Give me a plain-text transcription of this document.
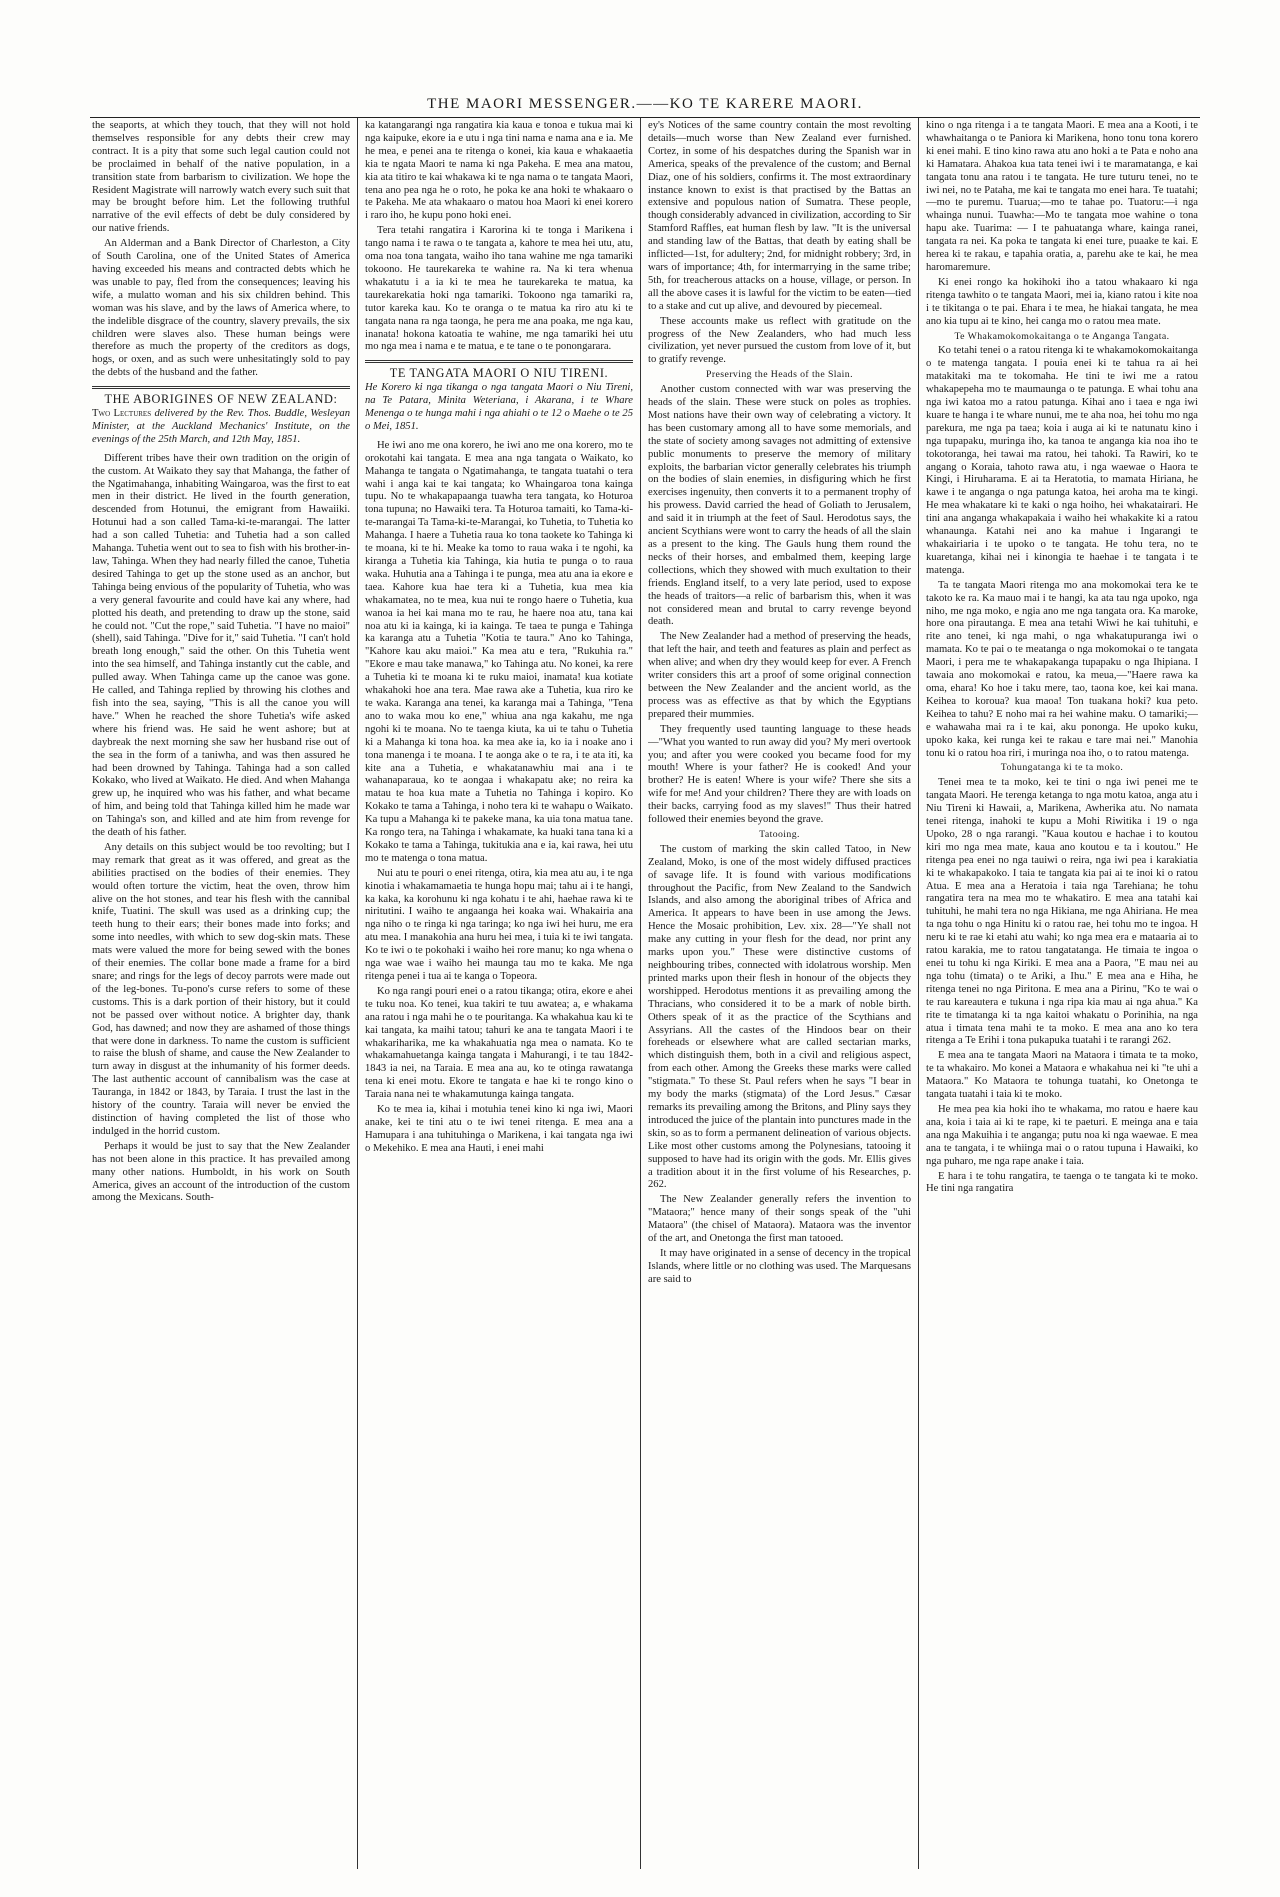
THE MAORI MESSENGER.——KO TE KARERE MAORI.

the seaports, at which they touch, that they will not hold themselves responsible for any debts their crew may contract. It is a pity that some such legal caution could not be proclaimed in behalf of the native population, in a transition state from barbarism to civilization. We hope the Resident Magistrate will narrowly watch every such suit that may be brought before him. Let the following truthful narrative of the evil effects of debt be duly considered by our native friends.

An Alderman and a Bank Director of Charleston, a City of South Carolina, one of the United States of America having exceeded his means and contracted debts which he was unable to pay, fled from the consequences; leaving his wife, a mulatto woman and his six children behind. This woman was his slave, and by the laws of America where, to the indelible disgrace of the country, slavery prevails, the six children were slaves also. These human beings were therefore as much the property of the creditors as dogs, hogs, or oxen, and as such were unhesitatingly sold to pay the debts of the husband and the father.

THE ABORIGINES OF NEW ZEALAND:

Two Lectures delivered by the Rev. Thos. Buddle, Wesleyan Minister, at the Auckland Mechanics' Institute, on the evenings of the 25th March, and 12th May, 1851.

Different tribes have their own tradition on the origin of the custom. At Waikato they say that Mahanga, the father of the Ngatimahanga, inhabiting Waingaroa, was the first to eat men in their district. He lived in the fourth generation, descended from Hotunui, the emigrant from Hawaiiki. Hotunui had a son called Tama-ki-te-marangai. The latter had a son called Tuhetia: and Tuhetia had a son called Mahanga. Tuhetia went out to sea to fish with his brother-in-law, Tahinga. When they had nearly filled the canoe, Tuhetia desired Tahinga to get up the stone used as an anchor, but Tahinga being envious of the popularity of Tuhetia, who was a very general favourite and could have kai any where, had plotted his death, and pretending to draw up the stone, said he could not. "Cut the rope," said Tuhetia. "I have no maioi" (shell), said Tahinga. "Dive for it," said Tuhetia. "I can't hold breath long enough," said the other. On this Tuhetia went into the sea himself, and Tahinga instantly cut the cable, and pulled away. When Tahinga came up the canoe was gone. He called, and Tahinga replied by throwing his clothes and fish into the sea, saying, "This is all the canoe you will have." When he reached the shore Tuhetia's wife asked where his friend was. He said he went ashore; but at daybreak the next morning she saw her husband rise out of the sea in the form of a taniwha, and was then assured he had been drowned by Tahinga. Tahinga had a son called Kokako, who lived at Waikato. He died. And when Mahanga grew up, he inquired who was his father, and what became of him, and being told that Tahinga killed him he made war on Tahinga's son, and killed and ate him from revenge for the death of his father.

Any details on this subject would be too revolting; but I may remark that great as it was offered, and great as the abilities practised on the bodies of their enemies. They would often torture the victim, heat the oven, throw him alive on the hot stones, and tear his flesh with the cannibal knife, Tuatini. The skull was used as a drinking cup; the teeth hung to their ears; their bones made into forks; and some into needles, with which to sew dog-skin mats. These mats were valued the more for being sewed with the bones of their enemies. The collar bone made a frame for a bird snare; and rings for the legs of decoy parrots were made out of the leg-bones. Tu-pono's curse refers to some of these customs. This is a dark portion of their history, but it could not be passed over without notice. A brighter day, thank God, has dawned; and now they are ashamed of those things that were done in darkness. To name the custom is sufficient to raise the blush of shame, and cause the New Zealander to turn away in disgust at the inhumanity of his former deeds. The last authentic account of cannibalism was the case at Tauranga, in 1842 or 1843, by Taraia. I trust the last in the history of the country. Taraia will never be envied the distinction of having completed the list of those who indulged in the horrid custom.

Perhaps it would be just to say that the New Zealander has not been alone in this practice. It has prevailed among many other nations. Humboldt, in his work on South America, gives an account of the introduction of the custom among the Mexicans. South-

ka katangarangi nga rangatira kia kaua e tonoa e tukua mai ki nga kaipuke, ekore ia e utu i nga tini nama e nama ana e ia. Me he mea, e penei ana te ritenga o konei, kia kaua e whakaaetia kia te ngata Maori te nama ki nga Pakeha. E mea ana matou, kia ata titiro te kai whakawa ki te nga nama o te tangata Maori, tena ano pea nga he o roto, he poka ke ana hoki te whakaaro o te Pakeha. Me ata whakaaro o matou hoa Maori ki enei korero i raro iho, he kupu pono hoki enei.

Tera tetahi rangatira i Karorina ki te tonga i Marikena i tango nama i te rawa o te tangata a, kahore te mea hei utu, atu, oma noa tona tangata, waiho iho tana wahine me nga tamariki tokoono. He taurekareka te wahine ra. Na ki tera whenua whakatutu i a ia ki te mea he taurekareka te matua, ka taurekarekatia hoki nga tamariki. Tokoono nga tamariki ra, tutor kareka kau. Ko te oranga o te matua ka riro atu ki te tangata nana ra nga taonga, he pera me ana poaka, me nga kau, inanata! hokona katoatia te wahine, me nga tamariki hei utu mo nga mea i nama e te matua, e te tane o te ponongarara.

TE TANGATA MAORI O NIU TIRENI.

He Korero ki nga tikanga o nga tangata Maori o Niu Tireni, na Te Patara, Minita Weteriana, i Akarana, i te Whare Menenga o te hunga mahi i nga ahiahi o te 12 o Maehe o te 25 o Mei, 1851.

He iwi ano me ona korero, he iwi ano me ona korero, mo te orokotahi kai tangata. E mea ana nga tangata o Waikato, ko Mahanga te tangata o Ngatimahanga, te tangata tuatahi o tera wahi i anga kai te kai tangata; ko Whaingaroa tona kainga tupu. No te whakapapaanga tuawha tera tangata, ko Hoturoa tona tupuna; no Hawaiki tera. Ta Hoturoa tamaiti, ko Tama-ki-te-marangai Ta Tama-ki-te-Marangai, ko Tuhetia, to Tuhetia ko Mahanga. I haere a Tuhetia raua ko tona taokete ko Tahinga ki te moana, ki te hi. Meake ka tomo to raua waka i te ngohi, ka kiranga a Tuhetia kia Tahinga, kia hutia te punga o to raua waka. Huhutia ana a Tahinga i te punga, mea atu ana ia ekore e taea. Kahore kua hae tera ki a Tuhetia, kua mea kia whakamatea, no te mea, kua nui te rongo haere o Tuhetia, kua wanoa ia hei kai mana mo te rau, he haere noa atu, tana kai noa atu ki ia kainga, ki ia kainga. Te taea te punga e Tahinga ka karanga atu a Tuhetia "Kotia te taura." Ano ko Tahinga, "Kahore kau aku maioi." Ka mea atu e tera, "Rukuhia ra." "Ekore e mau take manawa," ko Tahinga atu. No konei, ka rere a Tuhetia ki te moana ki te ruku maioi, inamata! kua kotiate whakahoki hoe ana tera. Mae rawa ake a Tuhetia, kua riro ke te waka. Karanga ana tenei, ka karanga mai a Tahinga, "Tena ano to waka mou ko ene," whiua ana nga kakahu, me nga ngohi ki te moana. No te taenga kiuta, ka ui te tahu o Tuhetia ki a Mahanga ki tona hoa. ka mea ake ia, ko ia i noake ano i tona manenga i te moana. I te aonga ake o te ra, i te ata iti, ka kite ana a Tuhetia, e whakatanawhiu mai ana i te wahanaparaua, ko te aongaa i whakapatu ake; no reira ka matau te hoa kua mate a Tuhetia no Tahinga i kopiro. Ko Kokako te tama a Tahinga, i noho tera ki te wahapu o Waikato. Ka tupu a Mahanga ki te pakeke mana, ka uia tona matua tane. Ka rongo tera, na Tahinga i whakamate, ka huaki tana tana ki a Kokako te tama a Tahinga, tukitukia ana e ia, kai rawa, hei utu mo te matenga o tona matua.

Nui atu te pouri o enei ritenga, otira, kia mea atu au, i te nga kinotia i whakamamaetia te hunga hopu mai; tahu ai i te hangi, ka kaka, ka korohunu ki nga kohatu i te ahi, haehae rawa ki te niritutini. I waiho te angaanga hei koaka wai. Whakairia ana nga niho o te ringa ki nga taringa; ko nga iwi hei huru, me era atu mea. I manakohia ana huru hei mea, i tuia ki te iwi tangata. Ko te iwi o te pokohaki i waiho hei rore manu; ko nga whena o nga wae wae i waiho hei maunga tau mo te kaka. Me nga ritenga penei i tua ai te kanga o Topeora.

Ko nga rangi pouri enei o a ratou tikanga; otira, ekore e ahei te tuku noa. Ko tenei, kua takiri te tuu awatea; a, e whakama ana ratou i nga mahi he o te pouritanga. Ka whakahua kau ki te kai tangata, ka maihi tatou; tahuri ke ana te tangata Maori i te whakariharika, me ka whakahuatia nga mea o namata. Ko te whakamahuetanga kainga tangata i Mahurangi, i te tau 1842-1843 ia nei, na Taraia. E mea ana au, ko te otinga rawatanga tena ki enei motu. Ekore te tangata e hae ki te rongo kino o Taraia nana nei te whakamutunga kainga tangata.

Ko te mea ia, kihai i motuhia tenei kino ki nga iwi, Maori anake, kei te tini atu o te iwi tenei ritenga. E mea ana a Hamupara i ana tuhituhinga o Marikena, i kai tangata nga iwi o Mekehiko. E mea ana Hauti, i enei mahi

ey's Notices of the same country contain the most revolting details—much worse than New Zealand ever furnished. Cortez, in some of his despatches during the Spanish war in America, speaks of the prevalence of the custom; and Bernal Diaz, one of his soldiers, confirms it. The most extraordinary instance known to exist is that practised by the Battas an extensive and populous nation of Sumatra. These people, though considerably advanced in civilization, according to Sir Stamford Raffles, eat human flesh by law. "It is the universal and standing law of the Battas, that death by eating shall be inflicted—1st, for adultery; 2nd, for midnight robbery; 3rd, in wars of importance; 4th, for intermarrying in the same tribe; 5th, for treacherous attacks on a house, village, or person. In all the above cases it is lawful for the victim to be eaten—tied to a stake and cut up alive, and devoured by piecemeal.

These accounts make us reflect with gratitude on the progress of the New Zealanders, who had much less civilization, yet never pursued the custom from love of it, but to gratify revenge.

Preserving the Heads of the Slain.

Another custom connected with war was preserving the heads of the slain. These were stuck on poles as trophies. Most nations have their own way of celebrating a victory. It has been customary among all to have some memorials, and the state of society among savages not admitting of extensive public monuments to preserve the memory of military exploits, the barbarian victor generally celebrates his triumph on the bodies of slain enemies, in disfiguring which he first exercises ingenuity, then converts it to a permanent trophy of his prowess. David carried the head of Goliath to Jerusalem, and said it in triumph at the feet of Saul. Herodotus says, the ancient Scythians were wont to carry the heads of all the slain as a present to the king. The Gauls hung them round the necks of their horses, and embalmed them, keeping large collections, which they showed with much exultation to their friends. England itself, to a very late period, used to expose the heads of traitors—a relic of barbarism this, when it was not considered mean and brutal to carry revenge beyond death.

The New Zealander had a method of preserving the heads, that left the hair, and teeth and features as plain and perfect as when alive; and when dry they would keep for ever. A French writer considers this art a proof of some original connection between the New Zealander and the ancient world, as the process was as effective as that by which the Egyptians prepared their mummies.

They frequently used taunting language to these heads—"What you wanted to run away did you? My meri overtook you; and after you were cooked you became food for my mouth! Where is your father? He is cooked! And your brother? He is eaten! Where is your wife? There she sits a wife for me! And your children? There they are with loads on their backs, carrying food as my slaves!" Thus their hatred followed their enemies beyond the grave.

Tatooing.

The custom of marking the skin called Tatoo, in New Zealand, Moko, is one of the most widely diffused practices of savage life. It is found with various modifications throughout the Pacific, from New Zealand to the Sandwich Islands, and also among the aboriginal tribes of Africa and America. It appears to have been in use among the Jews. Hence the Mosaic prohibition, Lev. xix. 28—"Ye shall not make any cutting in your flesh for the dead, nor print any marks upon you." These were distinctive customs of neighbouring tribes, connected with idolatrous worship. Men printed marks upon their flesh in honour of the objects they worshipped. Herodotus mentions it as prevailing among the Thracians, who considered it to be a mark of noble birth. Others speak of it as the practice of the Scythians and Assyrians. All the castes of the Hindoos bear on their foreheads or elsewhere what are called sectarian marks, which distinguish them, both in a civil and religious aspect, from each other. Among the Greeks these marks were called "stigmata." To these St. Paul refers when he says "I bear in my body the marks (stigmata) of the Lord Jesus." Cæsar remarks its prevailing among the Britons, and Pliny says they introduced the juice of the plantain into punctures made in the skin, so as to form a permanent delineation of various objects. Like most other customs among the Polynesians, tatooing it supposed to have had its origin with the gods. Mr. Ellis gives a tradition about it in the first volume of his Researches, p. 262.

The New Zealander generally refers the invention to "Mataora;" hence many of their songs speak of the "uhi Mataora" (the chisel of Mataora). Mataora was the inventor of the art, and Onetonga the first man tatooed.

It may have originated in a sense of decency in the tropical Islands, where little or no clothing was used. The Marquesans are said to

kino o nga ritenga i a te tangata Maori. E mea ana a Kooti, i te whawhaitanga o te Paniora ki Marikena, hono tonu tona korero ki enei mahi. E tino kino rawa atu ano hoki a te Pata e noho ana ki Hamatara. Ahakoa kua tata tenei iwi i te maramatanga, e kai tangata tonu ana ratou i te tangata. He ture tuturu tenei, no te iwi nei, no te Pataha, me kai te tangata mo enei hara. Te tuatahi;—mo te puremu. Tuarua;—mo te tahae po. Tuatoru:—i nga whainga nunui. Tuawha:—Mo te tangata moe wahine o tona hapu ake. Tuarima: — I te pahuatanga whare, kainga ranei, tangata ra nei. Ka poka te tangata ki enei ture, puaake te kai. E herea ki te rakau, e tapahia oratia, a, parehu ake te kai, he mea haromaremure.

Ki enei rongo ka hokihoki iho a tatou whakaaro ki nga ritenga tawhito o te tangata Maori, mei ia, kiano ratou i kite noa i te tikitanga o te pai. Ehara i te mea, he hiakai tangata, he mea ano kia tupu ai te kino, hei canga mo o ratou mea mate.

Te Whakamokomokaitanga o te Anganga Tangata.

Ko tetahi tenei o a ratou ritenga ki te whakamokomokaitanga o te matenga tangata. I pouia enei ki te tahua ra ai hei matakitaki ma te tokomaha. He tini te iwi me a ratou whakapepeha mo te maumaunga o te patunga. E whai tohu ana nga iwi katoa mo a ratou patunga. Kihai ano i taea e nga iwi kuare te hanga i te whare nunui, me te aha noa, hei tohu mo nga parekura, me nga pa taea; koia i auga ai ki te natunatu kino i nga tupapaku, muringa iho, ka tanoa te anganga kia noa iho te tokotoranga, hei tawai ma ratou, hei tahoki. Ta Rawiri, ko te angang o Koraia, tahoto rawa atu, i nga waewae o Haora te Kingi, i Hiruharama. E ai ta Heratotia, to mamata Hiriana, he kawe i te anganga o nga patunga katoa, hei aroha ma te kingi. He mea whakatare ki te kaki o nga hoiho, hei whakatairari. He tini ana anganga whakapakaia i waiho hei whakakite ki a ratou whanaunga. Katahi nei ano ka mahue i Ingarangi te whakairiaria i te upoko o te tangata. He tohu tera, no te kuaretanga, kihai nei i kinongia te haehae i te tangata i te matenga.

Ta te tangata Maori ritenga mo ana mokomokai tera ke te takoto ke ra. Ka mauo mai i te hangi, ka ata tau nga upoko, nga niho, me nga moko, e ngia ano me nga tangata ora. Ka maroke, hore ona pirautanga. E mea ana tetahi Wiwi he kai tuhituhi, e rite ano tenei, ki nga mahi, o nga whakatupuranga iwi o mamata. Ko te pai o te meatanga o nga mokomokai o te tangata Maori, i pera me te whakapakanga tupapaku o nga Ihipiana. I tawaia ano mokomokai e ratou, ka meua,—"Haere rawa ka oma, ehara! Ko hoe i taku mere, tao, taona koe, kei kai mana. Keihea to koroua? kua maoa! Ton tuakana hoki? kua peto. Keihea to tahu? E noho mai ra hei wahine maku. O tamariki;—e wahawaha mai ra i te kai, aku pononga. He upoko kuku, upoko kaka, kei runga kei te rakau e tare mai nei." Manohia tonu ki o ratou hoa riri, i muringa noa iho, o to ratou matenga.

Tohungatanga ki te ta moko.

Tenei mea te ta moko, kei te tini o nga iwi penei me te tangata Maori. He terenga ketanga to nga motu katoa, anga atu i Niu Tireni ki Hawaii, a, Marikena, Awherika atu. No namata tenei ritenga, inahoki te kupu a Mohi Riwitika i 19 o nga Upoko, 28 o nga rarangi. "Kaua koutou e hachae i to koutou kiri mo nga mea mate, kaua ano koutou e ta i koutou." He ritenga pea enei no nga tauiwi o reira, nga iwi pea i karakiatia ki te whakapakoko. I taia te tangata kia pai ai te inoi ki o ratou Atua. E mea ana a Heratoia i taia nga Tarehiana; he tohu rangatira tera na mea mo te whakatiro. E mea ana tatahi kai tuhituhi, he mahi tera no nga Hikiana, me nga Ahiriana. He mea ta nga tohu o nga Hinitu ki o ratou rae, hei tohu mo te ingoa. H neru ki te rae ki etahi atu wahi; ko nga mea era e mataaria ai to ratou karakia, me to ratou tangatatanga. He timaia te ingoa o enei tu tohu ki nga Kiriki. E mea ana a Paora, "E mau nei au nga tohu (timata) o te Ariki, a Ihu." E mea ana e Hiha, he ritenga tenei no nga Piritona. E mea ana a Pirinu, "Ko te wai o te rau kareautera e tukuna i nga ripa kia mau ai nga ahua." Ka rite te timatanga ki ta nga kaitoi whakatu o Porinihia, na nga atua i timata tena mahi te ta moko. E mea ana ano ko tera ritenga a Te Erihi i tona pukapuka tuatahi i te rarangi 262.

E mea ana te tangata Maori na Mataora i timata te ta moko, te ta whakairo. Mo konei a Mataora e whakahua nei ki "te uhi a Mataora." Ko Mataora te tohunga tuatahi, ko Onetonga te tangata tuatahi i taia ki te moko.

He mea pea kia hoki iho te whakama, mo ratou e haere kau ana, koia i taia ai ki te rape, ki te paeturi. E meinga ana e taia ana nga Makuihia i te anganga; putu noa ki nga waewae. E mea ana te tangata, i te whiinga mai o o ratou tupuna i Hawaiki, ko nga puharo, me nga rape anake i taia.

E hara i te tohu rangatira, te taenga o te tangata ki te moko. He tini nga rangatira
